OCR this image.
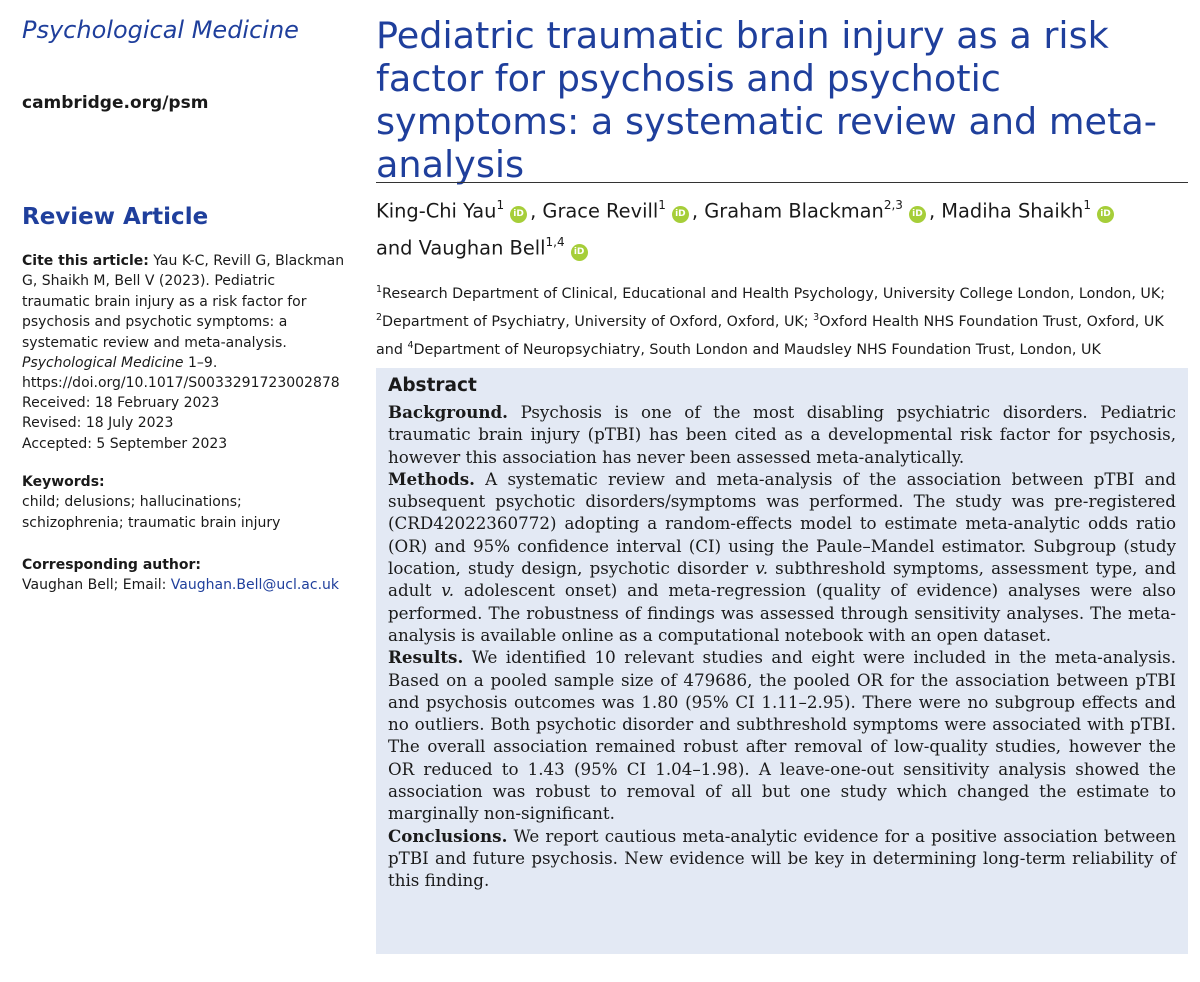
Psychological Medicine
cambridge.org/psm
Review Article
Cite this article: Yau K-C, Revill G, Blackman G, Shaikh M, Bell V (2023). Pediatric traumatic brain injury as a risk factor for psychosis and psychotic symptoms: a systematic review and meta-analysis. Psychological Medicine 1–9.
https://doi.org/10.1017/S0033291723002878
Received: 18 February 2023
Revised: 18 July 2023
Accepted: 5 September 2023
Keywords:
child; delusions; hallucinations; schizophrenia; traumatic brain injury
Corresponding author:
Vaughan Bell; Email: Vaughan.Bell@ucl.ac.uk
Pediatric traumatic brain injury as a risk factor for psychosis and psychotic symptoms: a systematic review and meta-analysis
King-Chi Yau$^1$iD , Grace Revill$^1$iD , Graham Blackman$^{2,3}$iD , Madiha Shaikh$^1$iD
and Vaughan Bell$^{1,4}$iD
$^1$Research Department of Clinical, Educational and Health Psychology, University College London, London, UK;
$^2$Department of Psychiatry, University of Oxford, Oxford, UK; $^3$Oxford Health NHS Foundation Trust, Oxford, UK
and $^4$Department of Neuropsychiatry, South London and Maudsley NHS Foundation Trust, London, UK
Abstract

Background. Psychosis is one of the most disabling psychiatric disorders. Pediatric traumatic brain injury (pTBI) has been cited as a developmental risk factor for psychosis, however this association has never been assessed meta-analytically.

Methods. A systematic review and meta-analysis of the association between pTBI and subsequent psychotic disorders/symptoms was performed. The study was pre-registered (CRD42022360772) adopting a random-effects model to estimate meta-analytic odds ratio (OR) and 95% confidence interval (CI) using the Paule–Mandel estimator. Subgroup (study location, study design, psychotic disorder v. subthreshold symptoms, assessment type, and adult v. adolescent onset) and meta-regression (quality of evidence) analyses were also performed. The robustness of findings was assessed through sensitivity analyses. The meta-analysis is available online as a computational notebook with an open dataset.

Results. We identified 10 relevant studies and eight were included in the meta-analysis. Based on a pooled sample size of 479686, the pooled OR for the association between pTBI and psychosis outcomes was 1.80 (95% CI 1.11–2.95). There were no subgroup effects and no outliers. Both psychotic disorder and subthreshold symptoms were associated with pTBI. The overall association remained robust after removal of low-quality studies, however the OR reduced to 1.43 (95% CI 1.04–1.98). A leave-one-out sensitivity analysis showed the association was robust to removal of all but one study which changed the estimate to marginally non-significant.

Conclusions. We report cautious meta-analytic evidence for a positive association between pTBI and future psychosis. New evidence will be key in determining long-term reliability of this finding.
